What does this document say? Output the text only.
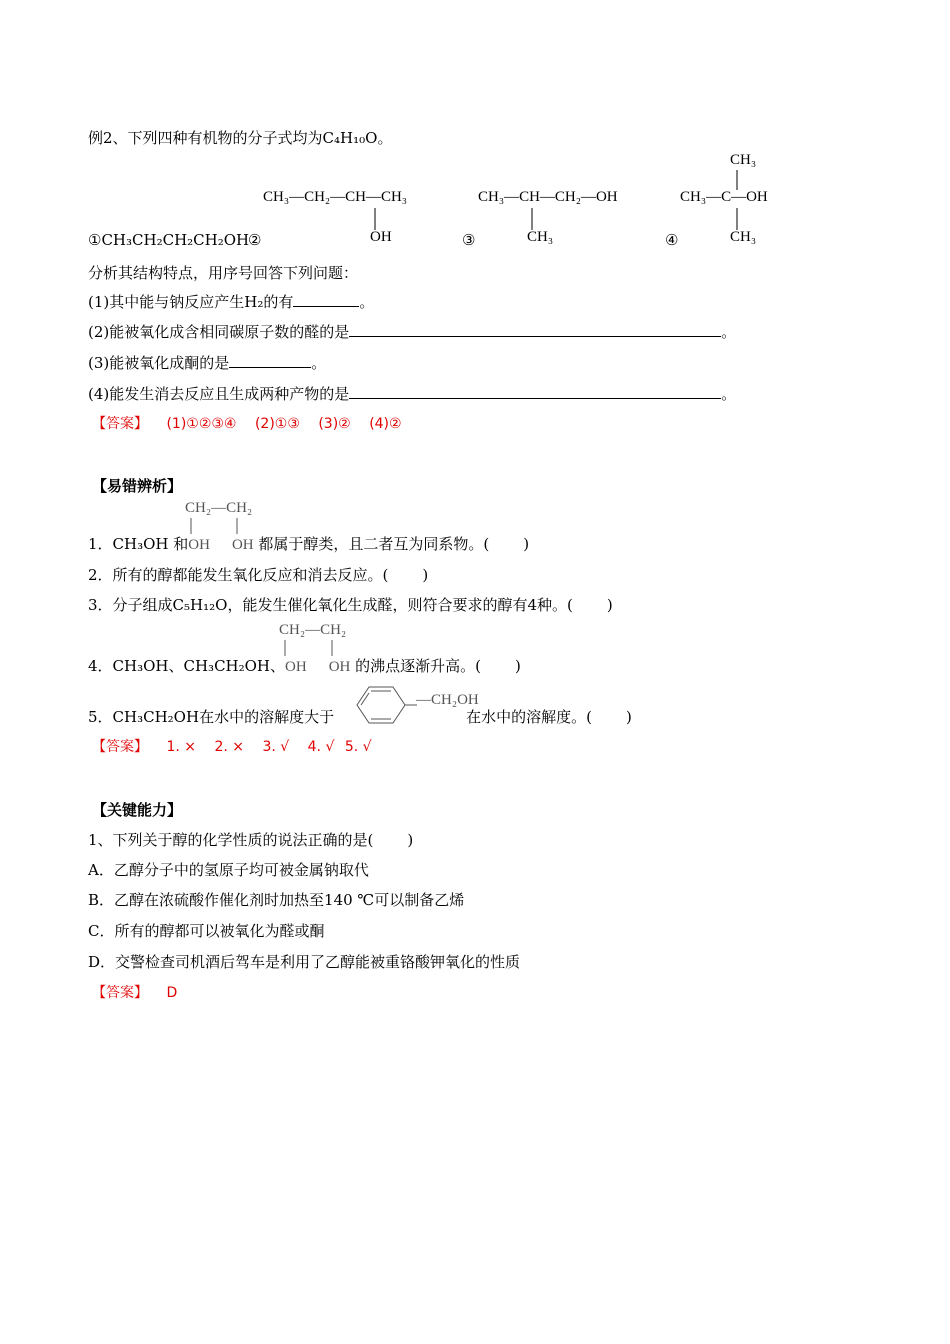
例2、下列四种有机物的分子式均为C₄H₁₀O。
CH₃—CH₂—CH—CH₃
OH
CH₃—CH—CH₂—OH
CH₃
CH₃
CH₃—C—OH
CH₃
①CH₃CH₂CH₂CH₂OH
②	③	④
分析其结构特点，用序号回答下列问题：
(1)其中能与钠反应产生H₂的有	。
(2)能被氧化成含相同碳原子数的醛的是	。
(3)能被氧化成酮的是	。
(4)能发生消去反应且生成两种产物的是	。
【答案】 (1)①②③④ (2)①③ (3)② (4)②
【易错辨析】
CH₂—CH₂
1．CH₃OH 和OH OH 都属于醇类，且二者互为同系物。( )
2．所有的醇都能发生氧化反应和消去反应。( )
3．分子组成C₅H₁₂O，能发生催化氧化生成醛，则符合要求的醇有4种。( )
CH₂—CH₂
4．CH₃OH、CH₃CH₂OH、OH OH 的沸点逐渐升高。( )
5．CH₃CH₂OH在水中的溶解度大于	在水中的溶解度。( )
—CH₂OH
【答案】 1. × 2. × 3. √ 4. √ 5. √
【关键能力】
1、下列关于醇的化学性质的说法正确的是( )
A．乙醇分子中的氢原子均可被金属钠取代
B．乙醇在浓硫酸作催化剂时加热至140 ℃可以制备乙烯
C．所有的醇都可以被氧化为醛或酮
D．交警检查司机酒后驾车是利用了乙醇能被重铬酸钾氧化的性质
【答案】 D
